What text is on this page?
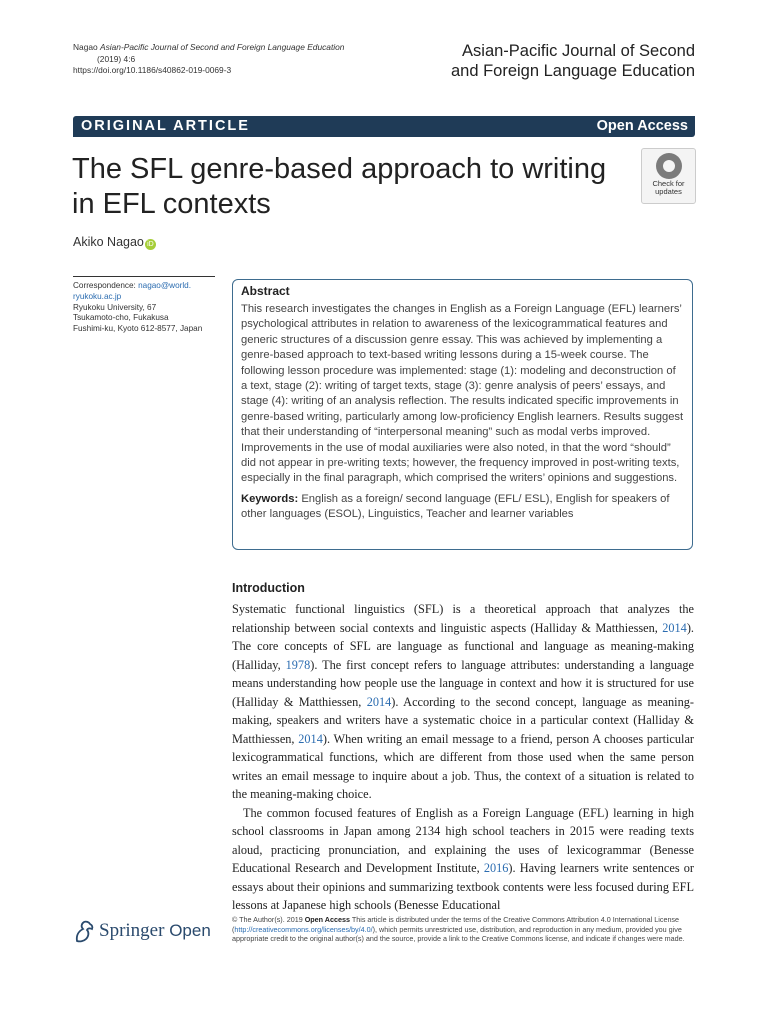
Nagao Asian-Pacific Journal of Second and Foreign Language Education
(2019) 4:6
https://doi.org/10.1186/s40862-019-0069-3
Asian-Pacific Journal of Second
and Foreign Language Education
ORIGINAL ARTICLE	Open Access
The SFL genre-based approach to writing in EFL contexts
Check for
updates
Akiko Nagao iD
Correspondence: nagao@world.
ryukoku.ac.jp
Ryukoku University, 67
Tsukamoto-cho, Fukakusa
Fushimi-ku, Kyoto 612-8577, Japan
Abstract
This research investigates the changes in English as a Foreign Language (EFL) learners’ psychological attributes in relation to awareness of the lexicogrammatical features and generic structures of a discussion genre essay. This was achieved by implementing a genre-based approach to text-based writing lessons during a 15-week course. The following lesson procedure was implemented: stage (1): modeling and deconstruction of a text, stage (2): writing of target texts, stage (3): genre analysis of peers’ essays, and stage (4): writing of an analysis reflection. The results indicated specific improvements in genre-based writing, particularly among low-proficiency English learners. Results suggest that their understanding of “interpersonal meaning” such as modal verbs improved. Improvements in the use of modal auxiliaries were also noted, in that the word “should” did not appear in pre-writing texts; however, the frequency improved in post-writing texts, especially in the final paragraph, which comprised the writers’ opinions and suggestions.
Keywords: English as a foreign/ second language (EFL/ ESL), English for speakers of other languages (ESOL), Linguistics, Teacher and learner variables
Introduction

Systematic functional linguistics (SFL) is a theoretical approach that analyzes the relationship between social contexts and linguistic aspects (Halliday & Matthiessen, 2014). The core concepts of SFL are language as functional and language as meaning-making (Halliday, 1978). The first concept refers to language attributes: understanding a language means understanding how people use the language in context and how it is structured for use (Halliday & Matthiessen, 2014). According to the second concept, language as meaning-making, speakers and writers have a systematic choice in a particular context (Halliday & Matthiessen, 2014). When writing an email message to a friend, person A chooses particular lexicogrammatical functions, which are different from those used when the same person writes an email message to inquire about a job. Thus, the context of a situation is related to the meaning-making choice.

The common focused features of English as a Foreign Language (EFL) learning in high school classrooms in Japan among 2134 high school teachers in 2015 were reading texts aloud, practicing pronunciation, and explaining the uses of lexicogrammar (Benesse Educational Research and Development Institute, 2016). Having learners write sentences or essays about their opinions and summarizing textbook contents were less focused during EFL lessons at Japanese high schools (Benesse Educational

Springer Open
© The Author(s). 2019 Open Access This article is distributed under the terms of the Creative Commons Attribution 4.0 International License (http://creativecommons.org/licenses/by/4.0/), which permits unrestricted use, distribution, and reproduction in any medium, provided you give appropriate credit to the original author(s) and the source, provide a link to the Creative Commons license, and indicate if changes were made.
